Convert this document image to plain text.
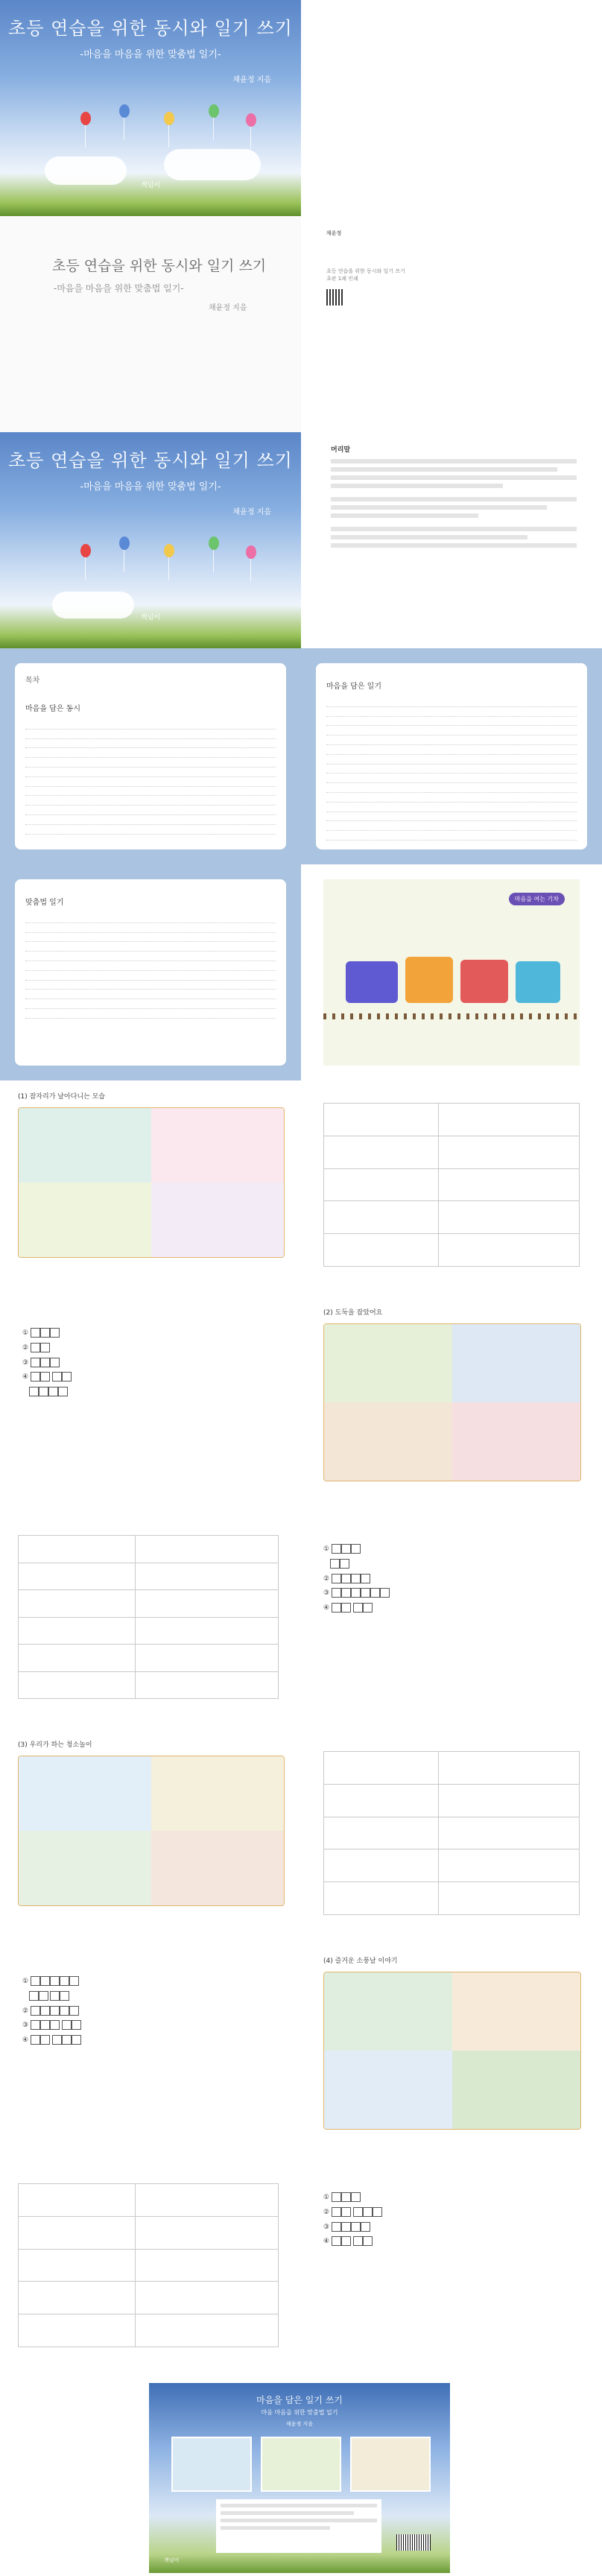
초등 연습을 위한 동시와 일기 쓰기
-마음을 마음을 위한 맞춤법 일기-
채윤정 지음
책넘이
초등 연습을 위한 동시와 일기 쓰기
-마음을 마음을 위한 맞춤법 일기-
채윤정 지음
채윤정
초등 연습을 위한 동시와 일기 쓰기
초판 1쇄 인쇄
초등 연습을 위한 동시와 일기 쓰기
-마음을 마음을 위한 맞춤법 일기-
채윤정 지음
책넘이
머리말
목차
마음을 담은 동시
마음을 담은 일기
맞춤법 일기	마음을 여는 기차
(1) 잠자리가 날아다니는 모습

①
②
③
④

(2) 도둑을 잡았어요

①

②
③
④
(3) 우리가 하는 청소놀이

①

②
③
④
(4) 즐거운 소풍날 이야기

①
②
③
④
마음을 담은 일기 쓰기
마음 마음을 위한 맞춤법 일기
채윤정 지음
책넘이
